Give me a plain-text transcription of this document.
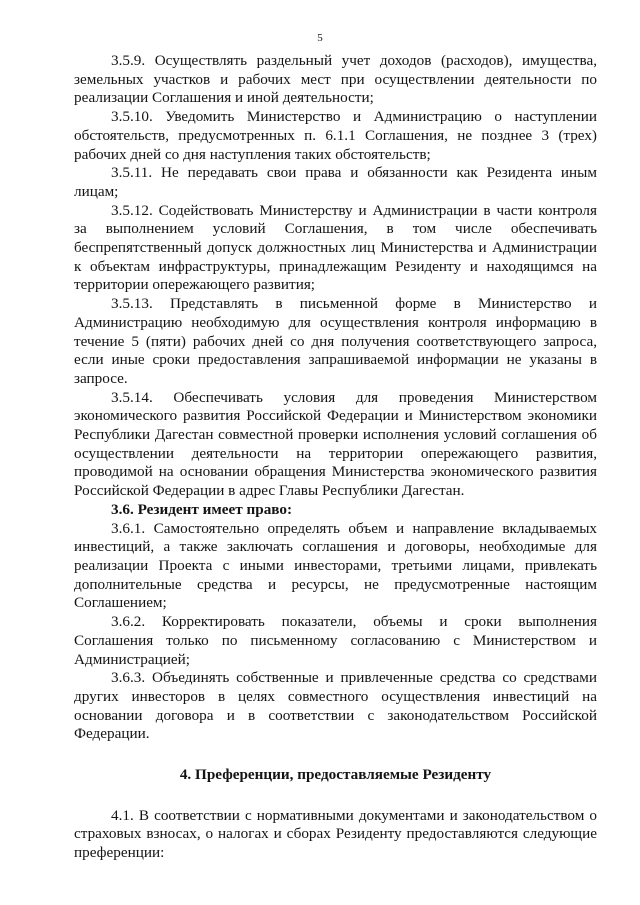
5

3.5.9. Осуществлять раздельный учет доходов (расходов), имущества, земельных участков и рабочих мест при осуществлении деятельности по реализации Соглашения и иной деятельности;

3.5.10. Уведомить Министерство и Администрацию о наступлении обстоятельств, предусмотренных п. 6.1.1 Соглашения, не позднее 3 (трех) рабочих дней со дня наступления таких обстоятельств;

3.5.11. Не передавать свои права и обязанности как Резидента иным лицам;

3.5.12. Содействовать Министерству и Администрации в части контроля за выполнением условий Соглашения, в том числе обеспечивать беспрепятственный допуск должностных лиц Министерства и Администрации к объектам инфраструктуры, принадлежащим Резиденту и находящимся на территории опережающего развития;

3.5.13. Представлять в письменной форме в Министерство и Администрацию необходимую для осуществления контроля информацию в течение 5 (пяти) рабочих дней со дня получения соответствующего запроса, если иные сроки предоставления запрашиваемой информации не указаны в запросе.

3.5.14. Обеспечивать условия для проведения Министерством экономического развития Российской Федерации и Министерством экономики Республики Дагестан совместной проверки исполнения условий соглашения об осуществлении деятельности на территории опережающего развития, проводимой на основании обращения Министерства экономического развития Российской Федерации в адрес Главы Республики Дагестан.

3.6. Резидент имеет право:

3.6.1. Самостоятельно определять объем и направление вкладываемых инвестиций, а также заключать соглашения и договоры, необходимые для реализации Проекта с иными инвесторами, третьими лицами, привлекать дополнительные средства и ресурсы, не предусмотренные настоящим Соглашением;

3.6.2. Корректировать показатели, объемы и сроки выполнения Соглашения только по письменному согласованию с Министерством и Администрацией;

3.6.3. Объединять собственные и привлеченные средства со средствами других инвесторов в целях совместного осуществления инвестиций на основании договора и в соответствии с законодательством Российской Федерации.

4. Преференции, предоставляемые Резиденту

4.1. В соответствии с нормативными документами и законодательством о страховых взносах, о налогах и сборах Резиденту предоставляются следующие преференции:
